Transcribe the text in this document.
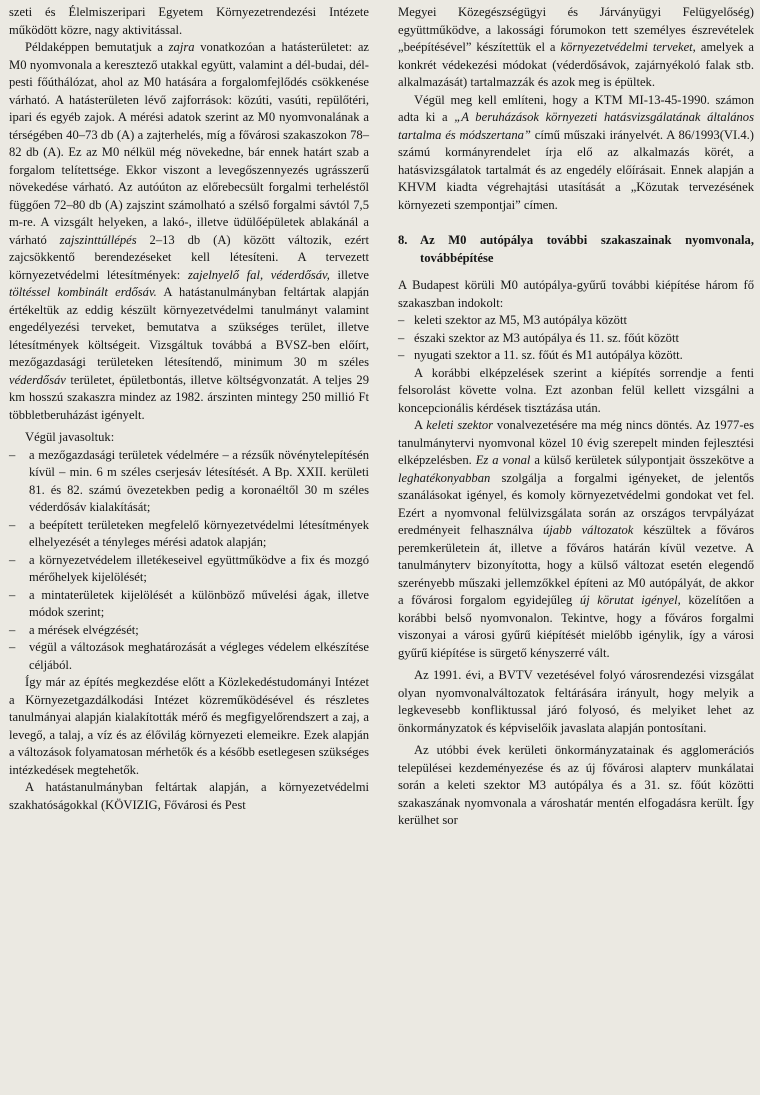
szeti és Élelmiszeripari Egyetem Környezetrendezési Intézete működött közre, nagy aktivitással.

Példaképpen bemutatjuk a zajra vonatkozóan a hatásterületet: az M0 nyomvonala a keresztező utakkal együtt, valamint a dél-budai, dél-pesti főúthálózat, ahol az M0 hatására a forgalomfejlődés csökkenése várható. A hatásterületen lévő zajforrások: közúti, vasúti, repülőtéri, ipari és egyéb zajok. A mérési adatok szerint az M0 nyomvonalának a térségében 40–73 db (A) a zajterhelés, míg a fővárosi szakaszokon 78–82 db (A). Ez az M0 nélkül még növekedne, bár ennek határt szab a forgalom telítettsége. Ekkor viszont a levegőszennyezés ugrásszerű növekedése várható. Az autóúton az előrebecsült forgalmi terheléstől függően 72–80 db (A) zajszint számolható a szélső forgalmi sávtól 7,5 m-re. A vizsgált helyeken, a lakó-, illetve üdülőépületek ablakánál a várható zajszinttúllépés 2–13 db (A) között változik, ezért zajcsökkentő berendezéseket kell létesíteni. A tervezett környezetvédelmi létesítmények: zajelnyelő fal, véderdősáv, illetve töltéssel kombinált erdősáv. A hatástanulmányban feltártak alapján értékeltük az eddig készült környezetvédelmi tanulmányt valamint engedélyezési terveket, bemutatva a szükséges terület, illetve létesítmények költségeit. Vizsgáltuk továbbá a BVSZ-ben előírt, mezőgazdasági területeken létesítendő, minimum 30 m széles véderdősáv területet, épületbontás, illetve költségvonzatát. A teljes 29 km hosszú szakaszra mindez az 1982. árszinten mintegy 250 millió Ft többletberuházást igényelt.

Végül javasoltuk:

– a mezőgazdasági területek védelmére – a rézsűk növénytelepítésén kívül – min. 6 m széles cserjesáv létesítését. A Bp. XXII. kerületi 81. és 82. számú övezetekben pedig a koronaéltől 30 m széles véderdősáv kialakítását;
– a beépített területeken megfelelő környezetvédelmi létesítmények elhelyezését a tényleges mérési adatok alapján;
– a környezetvédelem illetékeseivel együttműködve a fix és mozgó mérőhelyek kijelölését;
– a mintaterületek kijelölését a különböző művelési ágak, illetve módok szerint;
– a mérések elvégzését;
– végül a változások meghatározását a végleges védelem elkészítése céljából.

Így már az építés megkezdése előtt a Közlekedéstudományi Intézet a Környezetgazdálkodási Intézet közreműködésével és részletes tanulmányai alapján kialakították mérő és megfigyelőrendszert a zaj, a levegő, a talaj, a víz és az élővilág környezeti elemeikre. Ezek alapján a változások folyamatosan mérhetők és a később esetlegesen szükséges intézkedések megtehetők.

A hatástanulmányban feltártak alapján, a környezetvédelmi szakhatóságokkal (KÖVIZIG, Fővárosi és Pest

Megyei Közegészségügyi és Járványügyi Felügyelőség) együttműködve, a lakossági fórumokon tett személyes észrevételek „beépítésével” készítettük el a környezetvédelmi terveket, amelyek a konkrét védekezési módokat (véderdősávok, zajárnyékoló falak stb. alkalmazását) tartalmazzák és azok meg is épültek.

Végül meg kell említeni, hogy a KTM MI-13-45-1990. számon adta ki a „A beruházások környezeti hatásvizsgálatának általános tartalma és módszertana” című műszaki irányelvét. A 86/1993(VI.4.) számú kormányrendelet írja elő az alkalmazás körét, a hatásvizsgálatok tartalmát és az engedély előírásait. Ennek alapján a KHVM kiadta végrehajtási utasítását a „Közutak tervezésének környezeti szempontjai” címen.

8. Az M0 autópálya további szakaszainak nyomvonala, továbbépítése

A Budapest körüli M0 autópálya-gyűrű további kiépítése három fő szakaszban indokolt:

– keleti szektor az M5, M3 autópálya között
– északi szektor az M3 autópálya és 11. sz. főút között
– nyugati szektor a 11. sz. főút és M1 autópálya között.

A korábbi elképzelések szerint a kiépítés sorrendje a fenti felsorolást követte volna. Ezt azonban felül kellett vizsgálni a koncepcionális kérdések tisztázása után.

A keleti szektor vonalvezetésére ma még nincs döntés. Az 1977-es tanulmánytervi nyomvonal közel 10 évig szerepelt minden fejlesztési elképzelésben. Ez a vonal a külső kerületek súlypontjait összekötve a leghatékonyabban szolgálja a forgalmi igényeket, de jelentős szanálásokat igényel, és komoly környezetvédelmi gondokat vet fel. Ezért a nyomvonal felülvizsgálata során az országos tervpályázat eredményeit felhasználva újabb változatok készültek a főváros peremkerületein át, illetve a főváros határán kívül vezetve. A tanulmányterv bizonyította, hogy a külső változat esetén elegendő szerényebb műszaki jellemzőkkel építeni az M0 autópályát, de akkor a fővárosi forgalom egyidejűleg új körutat igényel, közelítően a korábbi belső nyomvonalon. Tekintve, hogy a főváros forgalmi viszonyai a városi gyűrű kiépítését mielőbb igénylik, így a városi gyűrű kiépítése is sürgető kényszerré vált.

Az 1991. évi, a BVTV vezetésével folyó városrendezési vizsgálat olyan nyomvonalváltozatok feltárására irányult, hogy melyik a legkevesebb konfliktussal járó folyosó, és melyiket lehet az önkormányzatok és képviselőik javaslata alapján pontosítani.

Az utóbbi évek kerületi önkormányzatainak és agglomerációs települései kezdeményezése és az új fővárosi alapterv munkálatai során a keleti szektor M3 autópálya és a 31. sz. főút közötti szakaszának nyomvonala a városhatár mentén elfogadásra került. Így kerülhet sor
